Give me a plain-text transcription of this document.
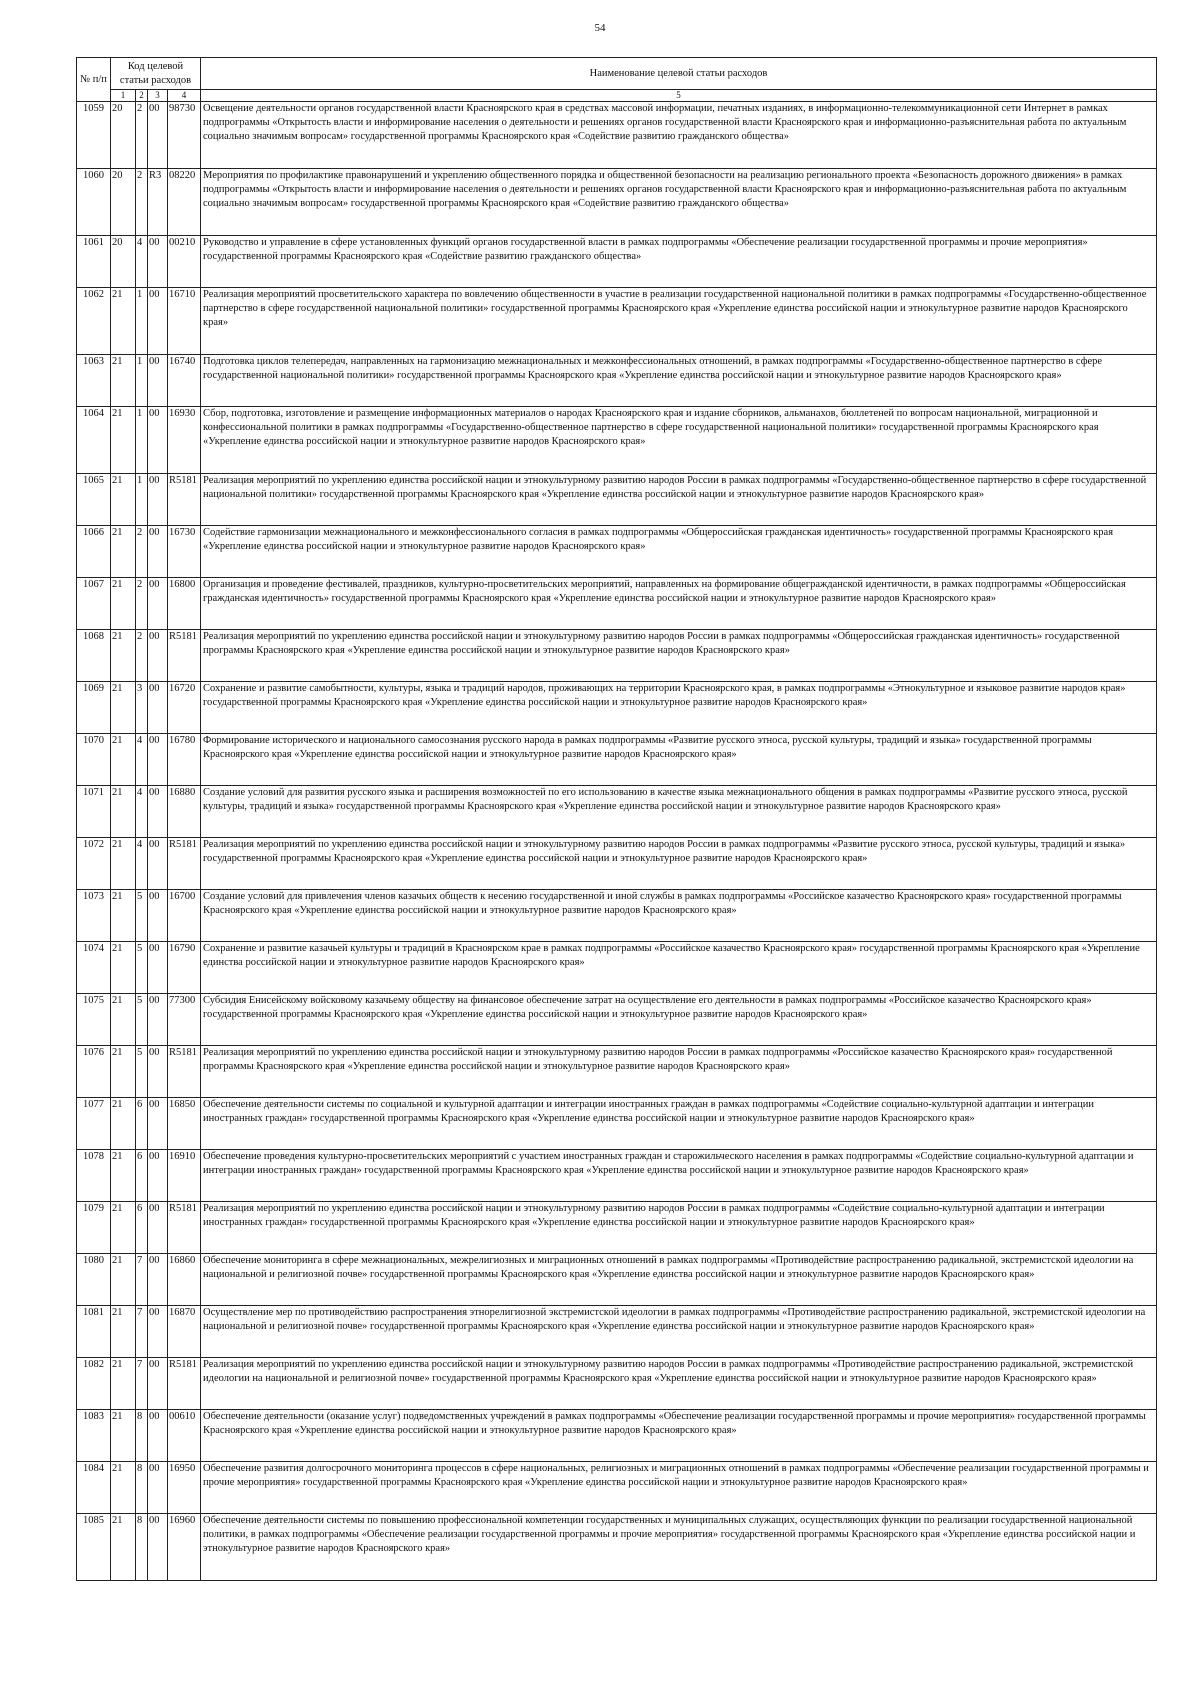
54
№ п/п	Код целевой статьи расходов				Наименование целевой статьи расходов
	1	2	3	4	5
1059	20	2	00	98730	Освещение деятельности органов государственной власти Красноярского края в средствах массовой информации, печатных изданиях, в информационно-телекоммуникационной сети Интернет в рамках подпрограммы «Открытость власти и информирование населения о деятельности и решениях органов государственной власти Красноярского края и информационно-разъяснительная работа по актуальным социально значимым вопросам» государственной программы Красноярского края «Содействие развитию гражданского общества»
1060	20	2	R3	08220	Мероприятия по профилактике правонарушений и укреплению общественного порядка и общественной безопасности на реализацию регионального проекта «Безопасность дорожного движения» в рамках подпрограммы «Открытость власти и информирование населения о деятельности и решениях органов государственной власти Красноярского края и информационно-разъяснительная работа по актуальным социально значимым вопросам» государственной программы Красноярского края «Содействие развитию гражданского общества»
1061	20	4	00	00210	Руководство и управление в сфере установленных функций органов государственной власти в рамках подпрограммы «Обеспечение реализации государственной программы и прочие мероприятия» государственной программы Красноярского края «Содействие развитию гражданского общества»
1062	21	1	00	16710	Реализация мероприятий просветительского характера по вовлечению общественности в участие в реализации государственной национальной политики в рамках подпрограммы «Государственно-общественное партнерство в сфере государственной национальной политики» государственной программы Красноярского края «Укрепление единства российской нации и этнокультурное развитие народов Красноярского края»
1063	21	1	00	16740	Подготовка циклов телепередач, направленных на гармонизацию межнациональных и межконфессиональных отношений, в рамках подпрограммы «Государственно-общественное партнерство в сфере государственной национальной политики» государственной программы Красноярского края «Укрепление единства российской нации и этнокультурное развитие народов Красноярского края»
1064	21	1	00	16930	Сбор, подготовка, изготовление и размещение информационных материалов о народах Красноярского края и издание сборников, альманахов, бюллетеней по вопросам национальной, миграционной и конфессиональной политики в рамках подпрограммы «Государственно-общественное партнерство в сфере государственной национальной политики» государственной программы Красноярского края «Укрепление единства российской нации и этнокультурное развитие народов Красноярского края»
1065	21	1	00	R5181	Реализация мероприятий по укреплению единства российской нации и этнокультурному развитию народов России в рамках подпрограммы «Государственно-общественное партнерство в сфере государственной национальной политики» государственной программы Красноярского края «Укрепление единства российской нации и этнокультурное развитие народов Красноярского края»
1066	21	2	00	16730	Содействие гармонизации межнационального и межконфессионального согласия в рамках подпрограммы «Общероссийская гражданская идентичность» государственной программы Красноярского края «Укрепление единства российской нации и этнокультурное развитие народов Красноярского края»
1067	21	2	00	16800	Организация и проведение фестивалей, праздников, культурно-просветительских мероприятий, направленных на формирование общегражданской идентичности, в рамках подпрограммы «Общероссийская гражданская идентичность» государственной программы Красноярского края «Укрепление единства российской нации и этнокультурное развитие народов Красноярского края»
1068	21	2	00	R5181	Реализация мероприятий по укреплению единства российской нации и этнокультурному развитию народов России в рамках подпрограммы «Общероссийская гражданская идентичность» государственной программы Красноярского края «Укрепление единства российской нации и этнокультурное развитие народов Красноярского края»
1069	21	3	00	16720	Сохранение и развитие самобытности, культуры, языка и традиций народов, проживающих на территории Красноярского края, в рамках подпрограммы «Этнокультурное и языковое развитие народов края» государственной программы Красноярского края «Укрепление единства российской нации и этнокультурное развитие народов Красноярского края»
1070	21	4	00	16780	Формирование исторического и национального самосознания русского народа в рамках подпрограммы «Развитие русского этноса, русской культуры, традиций и языка» государственной программы Красноярского края «Укрепление единства российской нации и этнокультурное развитие народов Красноярского края»
1071	21	4	00	16880	Создание условий для развития русского языка и расширения возможностей по его использованию в качестве языка межнационального общения в рамках подпрограммы «Развитие русского этноса, русской культуры, традиций и языка» государственной программы Красноярского края «Укрепление единства российской нации и этнокультурное развитие народов Красноярского края»
1072	21	4	00	R5181	Реализация мероприятий по укреплению единства российской нации и этнокультурному развитию народов России в рамках подпрограммы «Развитие русского этноса, русской культуры, традиций и языка» государственной программы Красноярского края «Укрепление единства российской нации и этнокультурное развитие народов Красноярского края»
1073	21	5	00	16700	Создание условий для привлечения членов казачьих обществ к несению государственной и иной службы в рамках подпрограммы «Российское казачество Красноярского края» государственной программы Красноярского края «Укрепление единства российской нации и этнокультурное развитие народов Красноярского края»
1074	21	5	00	16790	Сохранение и развитие казачьей культуры и традиций в Красноярском крае в рамках подпрограммы «Российское казачество Красноярского края» государственной программы Красноярского края «Укрепление единства российской нации и этнокультурное развитие народов Красноярского края»
1075	21	5	00	77300	Субсидия Енисейскому войсковому казачьему обществу на финансовое обеспечение затрат на осуществление его деятельности в рамках подпрограммы «Российское казачество Красноярского края» государственной программы Красноярского края «Укрепление единства российской нации и этнокультурное развитие народов Красноярского края»
1076	21	5	00	R5181	Реализация мероприятий по укреплению единства российской нации и этнокультурному развитию народов России в рамках подпрограммы «Российское казачество Красноярского края» государственной программы Красноярского края «Укрепление единства российской нации и этнокультурное развитие народов Красноярского края»
1077	21	6	00	16850	Обеспечение деятельности системы по социальной и культурной адаптации и интеграции иностранных граждан в рамках подпрограммы «Содействие социально-культурной адаптации и интеграции иностранных граждан» государственной программы Красноярского края «Укрепление единства российской нации и этнокультурное развитие народов Красноярского края»
1078	21	6	00	16910	Обеспечение проведения культурно-просветительских мероприятий с участием иностранных граждан и старожильческого населения в рамках подпрограммы «Содействие социально-культурной адаптации и интеграции иностранных граждан» государственной программы Красноярского края «Укрепление единства российской нации и этнокультурное развитие народов Красноярского края»
1079	21	6	00	R5181	Реализация мероприятий по укреплению единства российской нации и этнокультурному развитию народов России в рамках подпрограммы «Содействие социально-культурной адаптации и интеграции иностранных граждан» государственной программы Красноярского края «Укрепление единства российской нации и этнокультурное развитие народов Красноярского края»
1080	21	7	00	16860	Обеспечение мониторинга в сфере межнациональных, межрелигиозных и миграционных отношений в рамках подпрограммы «Противодействие распространению радикальной, экстремистской идеологии на национальной и религиозной почве» государственной программы Красноярского края «Укрепление единства российской нации и этнокультурное развитие народов Красноярского края»
1081	21	7	00	16870	Осуществление мер по противодействию распространения этнорелигиозной экстремистской идеологии в рамках подпрограммы «Противодействие распространению радикальной, экстремистской идеологии на национальной и религиозной почве» государственной программы Красноярского края «Укрепление единства российской нации и этнокультурное развитие народов Красноярского края»
1082	21	7	00	R5181	Реализация мероприятий по укреплению единства российской нации и этнокультурному развитию народов России в рамках подпрограммы «Противодействие распространению радикальной, экстремистской идеологии на национальной и религиозной почве» государственной программы Красноярского края «Укрепление единства российской нации и этнокультурное развитие народов Красноярского края»
1083	21	8	00	00610	Обеспечение деятельности (оказание услуг) подведомственных учреждений в рамках подпрограммы «Обеспечение реализации государственной программы и прочие мероприятия» государственной программы Красноярского края «Укрепление единства российской нации и этнокультурное развитие народов Красноярского края»
1084	21	8	00	16950	Обеспечение развития долгосрочного мониторинга процессов в сфере национальных, религиозных и миграционных отношений в рамках подпрограммы «Обеспечение реализации государственной программы и прочие мероприятия» государственной программы Красноярского края «Укрепление единства российской нации и этнокультурное развитие народов Красноярского края»
1085	21	8	00	16960	Обеспечение деятельности системы по повышению профессиональной компетенции государственных и муниципальных служащих, осуществляющих функции по реализации государственной национальной политики, в рамках подпрограммы «Обеспечение реализации государственной программы и прочие мероприятия» государственной программы Красноярского края «Укрепление единства российской нации и этнокультурное развитие народов Красноярского края»
